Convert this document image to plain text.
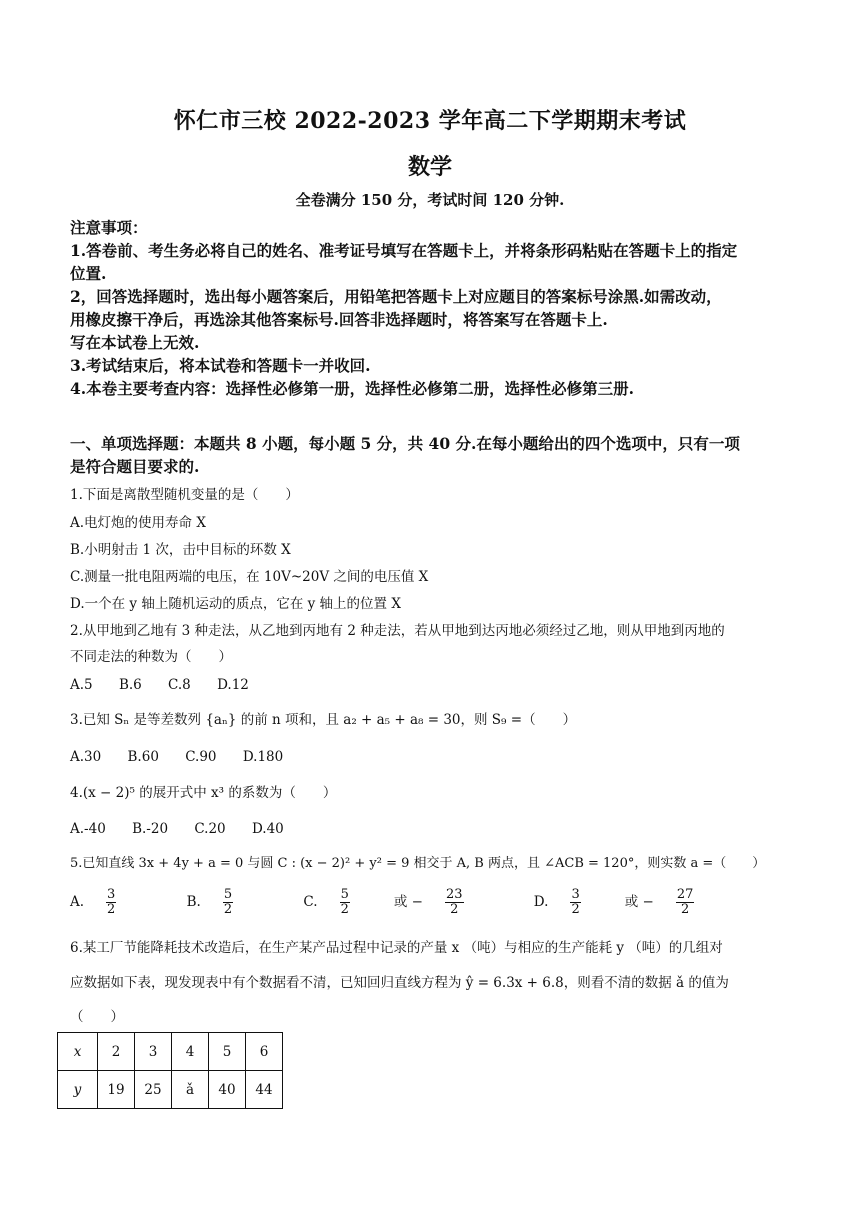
怀仁市三校 2022-2023 学年高二下学期期末考试
数学
全卷满分 150 分，考试时间 120 分钟.
注意事项：
1.答卷前、考生务必将自己的姓名、准考证号填写在答题卡上，并将条形码粘贴在答题卡上的指定
位置.
2，回答选择题时，选出每小题答案后，用铅笔把答题卡上对应题目的答案标号涂黑.如需改动，
用橡皮擦干净后，再选涂其他答案标号.回答非选择题时，将答案写在答题卡上.
写在本试卷上无效.
3.考试结束后，将本试卷和答题卡一并收回.
4.本卷主要考查内容：选择性必修第一册，选择性必修第二册，选择性必修第三册.
一、单项选择题：本题共 8 小题，每小题 5 分，共 40 分.在每小题给出的四个选项中，只有一项
是符合题目要求的.
1.下面是离散型随机变量的是（　　）
A.电灯炮的使用寿命 X
B.小明射击 1 次，击中目标的环数 X
C.测量一批电阻两端的电压，在 10V~20V 之间的电压值 X
D.一个在 y 轴上随机运动的质点，它在 y 轴上的位置 X
2.从甲地到乙地有 3 种走法，从乙地到丙地有 2 种走法，若从甲地到达丙地必须经过乙地，则从甲地到丙地的
不同走法的种数为（　　）
A.5 B.6 C.8 D.12
3.已知 Sₙ 是等差数列 {aₙ} 的前 n 项和，且 a₂ + a₅ + a₈ = 30，则 S₉ =（　　）
A.30 B.60 C.90 D.180
4.(x − 2)⁵ 的展开式中 x³ 的系数为（　　）
A.-40 B.-20 C.20 D.40
5.已知直线 3x + 4y + a = 0 与圆 C : (x − 2)² + y² = 9 相交于 A, B 两点，且 ∠ACB = 120°，则实数 a =（　　）
A. $\frac{3}{2}$	B. $\frac{5}{2}$	C. $\frac{5}{2}$ 或 − $\frac{23}{2}$	D. $\frac{3}{2}$ 或 − $\frac{27}{2}$
6.某工厂节能降耗技术改造后，在生产某产品过程中记录的产量 x （吨）与相应的生产能耗 y （吨）的几组对
应数据如下表，现发现表中有个数据看不清，已知回归直线方程为 ŷ = 6.3x + 6.8，则看不清的数据 ǎ 的值为
（　　）
x	2	3	4	5	6
y	19	25	ǎ	40	44
